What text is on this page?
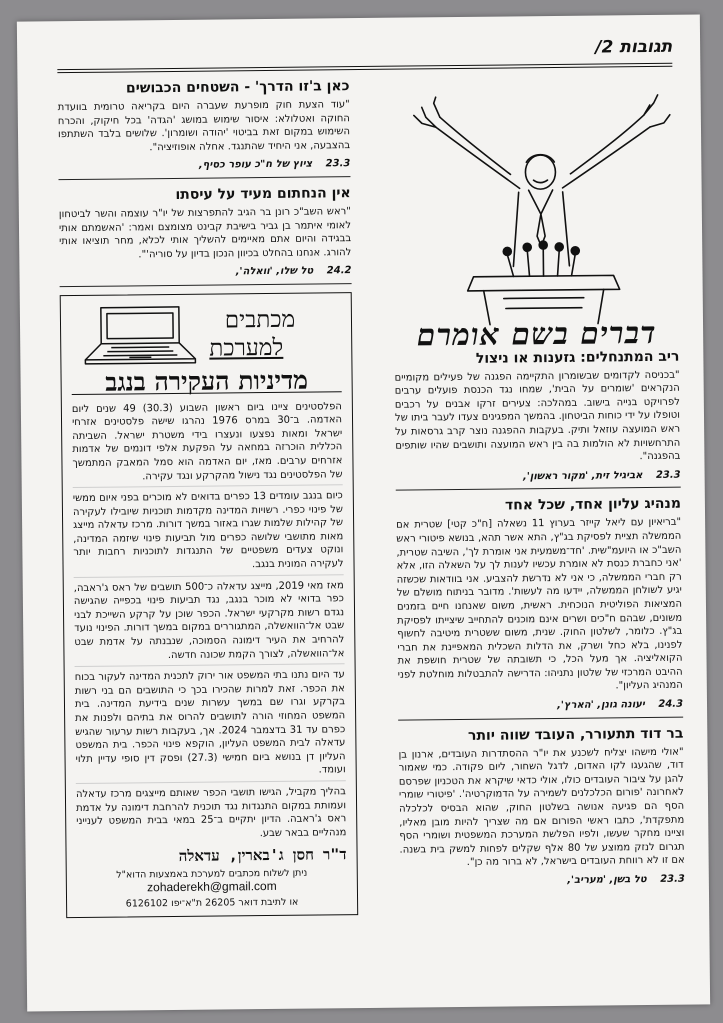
תגובות 2/
דברים בשם אומרם
ריב המתנחלים: גזענות או ניצול

"בכניסה לקדומים שבשומרון התקיימה הפגנה של פעילים מקומיים הנקראים 'שומרים על הבית', שמחו נגד הכנסת פועלים ערבים לפרויקט בנייה בישוב. במהלכה: צעירים זרקו אבנים על רכבים וטופלו על ידי כוחות הביטחון. בהמשך המפגינים צעדו לעבר ביתו של ראש המועצה עוזאל ותיק. בעקבות ההפגנה נוצר קרב גרסאות על התרחשויות לא הולמות בה בין ראש המועצה ותושבים שהיו שותפים בהפגנה".

23.3 אביגיל זית, 'מקור ראשון',
מנהיג עליון אחד, שכל אחד

"בריאיון עם ליאל קייזר בערוץ 11 נשאלה [ח"כ קטי] שטרית אם הממשלה תציית לפסיקת בג"ץ, התא אשר תהא, בנושא פיטורי ראש השב"כ או היועמ"שית. 'חד־משמעית אני אומרת לך', השיבה שטרית, 'אני כחברת כנסת לא אומרת עכשיו לענות לך על השאלה הזו, אלא רק חברי הממשלה, כי אני לא נדרשת להצביע. אני בוודאות שכשזה יגיע לשולחן הממשלה, יידעו מה לעשות'. מדובר בניתוח מושלם של המציאות הפוליטית הנוכחית. ראשית, משום שאנחנו חיים בזמנים משונים, שבהם ח"כים ושרים אינם מוכנים להתחייב שיצייתו לפסיקת בג"ץ. כלומר, לשלטון החוק. שנית, משום ששטרית מיטיבה לחשוף לפנינו, בלא כחל ושרק, את הדלות השכלית המאפיינת את חברי הקואליציה. אך מעל הכל, כי תשובתה של שטרית חושפת את ההיבט המרכזי של שלטון נתניהו: הדרישה להתבטלות מוחלטת לפני המנהיג העליון".

24.3 יעונה גונן, 'הארץ',
בר דוד תתעורר, העובד שווה יותר

"אולי מישהו יצליח לשכנע את יו"ר ההסתדרות העובדים, ארנון בן דוד, שהגעגו לקו האדום, לדגל השחור, ליום פקודה. כמי שאמור להגן על ציבור העובדים כולו, אולי כדאי שיקרא את הטכניון שפרסם לאחרונה 'פורום הכלכלנים לשמירה על הדמוקרטיה'. 'פיטורי שומרי הסף הם פגיעה אנושה בשלטון החוק, שהוא הבסיס לכלכלה מתפקדת', כתבו ראשי הפורום אם מה שצריך להיות מובן מאליו, וציינו מחקר שעשו, ולפיו הפלשת המערכת המשפטית ושומרי הסף תגרום לנזק ממוצע של 80 אלף שקלים לפחות למשק בית בשנה. אם זו לא רווחת העובדים בישראל, לא ברור מה כן".

23.3 טל בשן, 'מעריב',
כאן ב'זו הדרך' - השטחים הכבושים

"עוד הצעת חוק מופרעת שעברה היום בקריאה טרומית בוועדת החוקה ואטלולא: איסור שימוש במושג 'הגדה' בכל חיקוק, והכרח השימוש במקום זאת בביטוי 'יהודה ושומרון'. שלושים בלבד השתתפו בהצבעה, אני היחיד שהתנגד. אחלה אופוזיציה".

23.3 ציוץ של ח"כ עופר כסיף,
אין הנחתום מעיד על עיסתו

"ראש השב"כ רונן בר הגיב להתפרצות של יו"ר עוצמה והשר לביטחון לאומי איתמר בן גביר בישיבת קבינט מצומצם ואמר: 'האשמתם אותי בבגידה והיום אתם מאיימים להשליך אותי לכלא, מחר תוציאו אותי להורג. אנחנו בהחלט בכיוון הנכון בדיון על סוריה'".

24.2 טל שלו, 'וואלה',
מכתבים
למערכת
מדיניות העקירה בנגב

הפלסטינים ציינו ביום ראשון השבוע (30.3) 49 שנים ליום האדמה. ב־30 במרס 1976 נהרגו שישה פלסטינים אזרחי ישראל ומאות נפצעו ונעצרו בידי משטרת ישראל. השביתה הכללית הוכרזה במחאה על הפקעת אלפי דונמים של אדמות אזרחים ערבים. מאז, יום האדמה הוא סמל המאבק המתמשך של הפלסטינים נגד נישול מהקרקע ונגד עקירה.

כיום בנגב עומדים 13 כפרים בדואים לא מוכרים בפני איום ממשי של פינוי כפרי. רשויות המדינה מקדמות תוכניות שיובילו לעקירה של קהילות שלמות שגרו באזור במשך דורות. מרכז עדאלה מייצג מאות מתושבי שלושה כפרים מול תביעות פינוי שיזמה המדינה, ונוקט צעדים משפטיים של התנגדות לתוכניות רחבות יותר לעקירה המונית בנגב.

מאז מאי 2019, מייצג עדאלה כ־500 תושבים של ראס ג'ראבה, כפר בדואי לא מוכר בנגב, נגד תביעות פינוי בכפייה שהגישה נגדם רשות מקרקעי ישראל. הכפר שוכן על קרקע השייכת לבני שבט אל־הוואשלה, המתגוררים במקום במשך דורות. הפינוי נועד להרחיב את העיר דימונה הסמוכה, שנבנתה על אדמת שבט אל־הוואשלה, לצורך הקמת שכונה חדשה.

עד היום נתנו בתי המשפט אור ירוק לתכנית המדינה לעקור בכוח את הכפר. זאת למרות שהכירו בכך כי התושבים הם בני רשות בקרקע וגרו שם במשך עשרות שנים בידיעת המדינה. בית המשפט המחוזי הורה לתושבים להרוס את בתיהם ולפנות את כפרם עד 31 בדצמבר 2024. אך, בעקבות רשות ערעור שהגיש עדאלה לבית המשפט העליון, הוקפא פינוי הכפר. בית המשפט העליון דן בנושא ביום חמישי (27.3) ופסק דין סופי עדיין תלוי ועומד.

בהליך מקביל, הגישו תושבי הכפר שאותם מייצגים מרכז עדאלה ועמותת במקום התנגדות נגד תוכנית להרחבת דימונה על אדמת ראס ג'ראבה. הדיון יתקיים ב־25 במאי בבית המשפט לענייני מנהליים בבאר שבע.

ד"ר חסן ג'בארין, עדאלה
ניתן לשלוח מכתבים למערכת באמצעות הדוא"ל
zohaderekh@gmail.com
או לתיבת דואר 26205 ת"א־יפו 6126102
